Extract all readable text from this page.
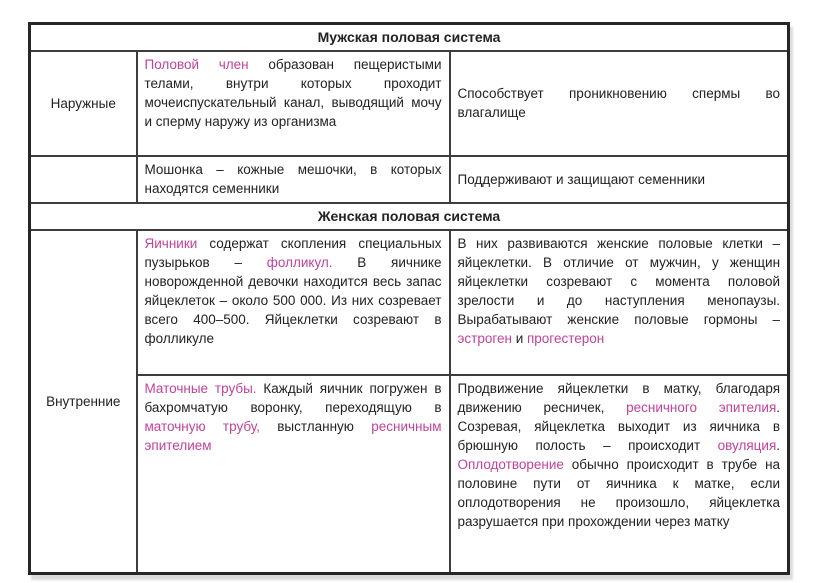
Мужская половая система		
Наружные	Половой член образован пещеристыми телами, внутри которых проходит мочеиспускательный канал, выводящий мочу и сперму наружу из организма	Способствует проникновению спермы во влагалище
	Мошонка – кожные мешочки, в которых находятся семенники	Поддерживают и защищают семенники
Женская половая система		
Внутренние	Яичники содержат скопления специальных пузырьков – фолликул. В яичнике новорожденной девочки находится весь запас яйцеклеток – около 500 000. Из них созревает всего 400–500. Яйцеклетки созревают в фолликуле	В них развиваются женские половые клетки – яйцеклетки. В отличие от мужчин, у женщин яйцеклетки созревают с момента половой зрелости и до наступления менопаузы. Вырабатывают женские половые гормоны – эстроген и прогестерон
	Маточные трубы. Каждый яичник погружен в бахромчатую воронку, переходящую в маточную трубу, выстланную ресничным эпителием	Продвижение яйцеклетки в матку, благодаря движению ресничек, ресничного эпителия. Созревая, яйцеклетка выходит из яичника в брюшную полость – происходит овуляция. Оплодотворение обычно происходит в трубе на половине пути от яичника к матке, если оплодотворения не произошло, яйцеклетка разрушается при прохождении через матку
